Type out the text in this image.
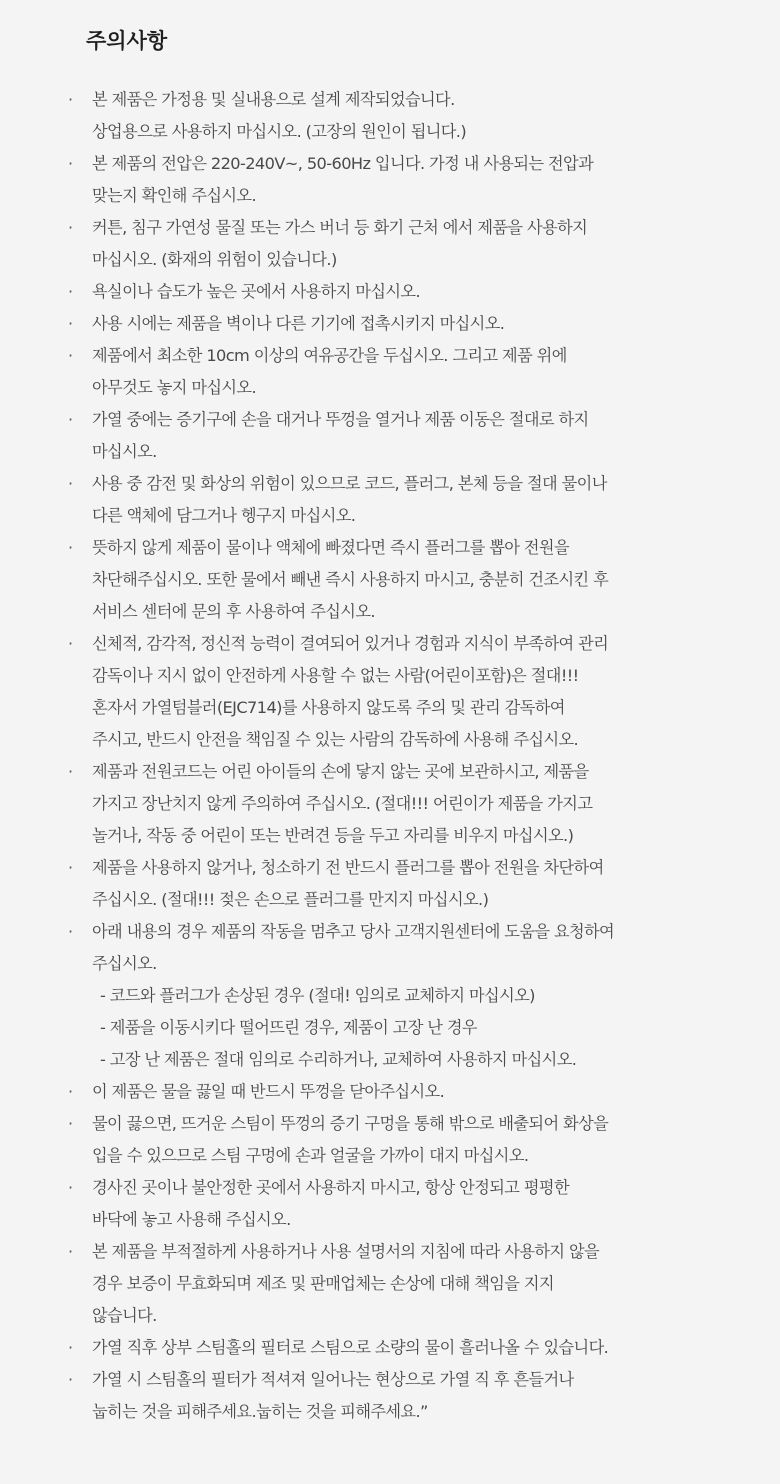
주의사항
·	본 제품은 가정용 및 실내용으로 설계 제작되었습니다.
상업용으로 사용하지 마십시오. (고장의 원인이 됩니다.)
·	본 제품의 전압은 220-240V~, 50-60Hz 입니다. 가정 내 사용되는 전압과
맞는지 확인해 주십시오.
·	커튼, 침구 가연성 물질 또는 가스 버너 등 화기 근처 에서 제품을 사용하지
마십시오. (화재의 위험이 있습니다.)
·	욕실이나 습도가 높은 곳에서 사용하지 마십시오.
·	사용 시에는 제품을 벽이나 다른 기기에 접촉시키지 마십시오.
·	제품에서 최소한 10cm 이상의 여유공간을 두십시오. 그리고 제품 위에
아무것도 놓지 마십시오.
·	가열 중에는 증기구에 손을 대거나 뚜껑을 열거나 제품 이동은 절대로 하지
마십시오.
·	사용 중 감전 및 화상의 위험이 있으므로 코드, 플러그, 본체 등을 절대 물이나
다른 액체에 담그거나 헹구지 마십시오.
·	뜻하지 않게 제품이 물이나 액체에 빠졌다면 즉시 플러그를 뽑아 전원을
차단해주십시오. 또한 물에서 빼낸 즉시 사용하지 마시고, 충분히 건조시킨 후
서비스 센터에 문의 후 사용하여 주십시오.
·	신체적, 감각적, 정신적 능력이 결여되어 있거나 경험과 지식이 부족하여 관리
감독이나 지시 없이 안전하게 사용할 수 없는 사람(어린이포함)은 절대!!!
혼자서 가열텀블러(EJC714)를 사용하지 않도록 주의 및 관리 감독하여
주시고, 반드시 안전을 책임질 수 있는 사람의 감독하에 사용해 주십시오.
·	제품과 전원코드는 어린 아이들의 손에 닿지 않는 곳에 보관하시고, 제품을
가지고 장난치지 않게 주의하여 주십시오. (절대!!! 어린이가 제품을 가지고
놀거나, 작동 중 어린이 또는 반려견 등을 두고 자리를 비우지 마십시오.)
·	제품을 사용하지 않거나, 청소하기 전 반드시 플러그를 뽑아 전원을 차단하여
주십시오. (절대!!! 젖은 손으로 플러그를 만지지 마십시오.)
·	아래 내용의 경우 제품의 작동을 멈추고 당사 고객지원센터에 도움을 요청하여
주십시오.
- 코드와 플러그가 손상된 경우 (절대! 임의로 교체하지 마십시오)
- 제품을 이동시키다 떨어뜨린 경우, 제품이 고장 난 경우
- 고장 난 제품은 절대 임의로 수리하거나, 교체하여 사용하지 마십시오.
·	이 제품은 물을 끓일 때 반드시 뚜껑을 닫아주십시오.
·	물이 끓으면, 뜨거운 스팀이 뚜껑의 증기 구멍을 통해 밖으로 배출되어 화상을
입을 수 있으므로 스팀 구멍에 손과 얼굴을 가까이 대지 마십시오.
·	경사진 곳이나 불안정한 곳에서 사용하지 마시고, 항상 안정되고 평평한
바닥에 놓고 사용해 주십시오.
·	본 제품을 부적절하게 사용하거나 사용 설명서의 지침에 따라 사용하지 않을
경우 보증이 무효화되며 제조 및 판매업체는 손상에 대해 책임을 지지
않습니다.
·	가열 직후 상부 스팀홀의 필터로 스팀으로 소량의 물이 흘러나올 수 있습니다.
·	가열 시 스팀홀의 필터가 적셔져 일어나는 현상으로 가열 직 후 흔들거나
눕히는 것을 피해주세요.눕히는 것을 피해주세요.”
